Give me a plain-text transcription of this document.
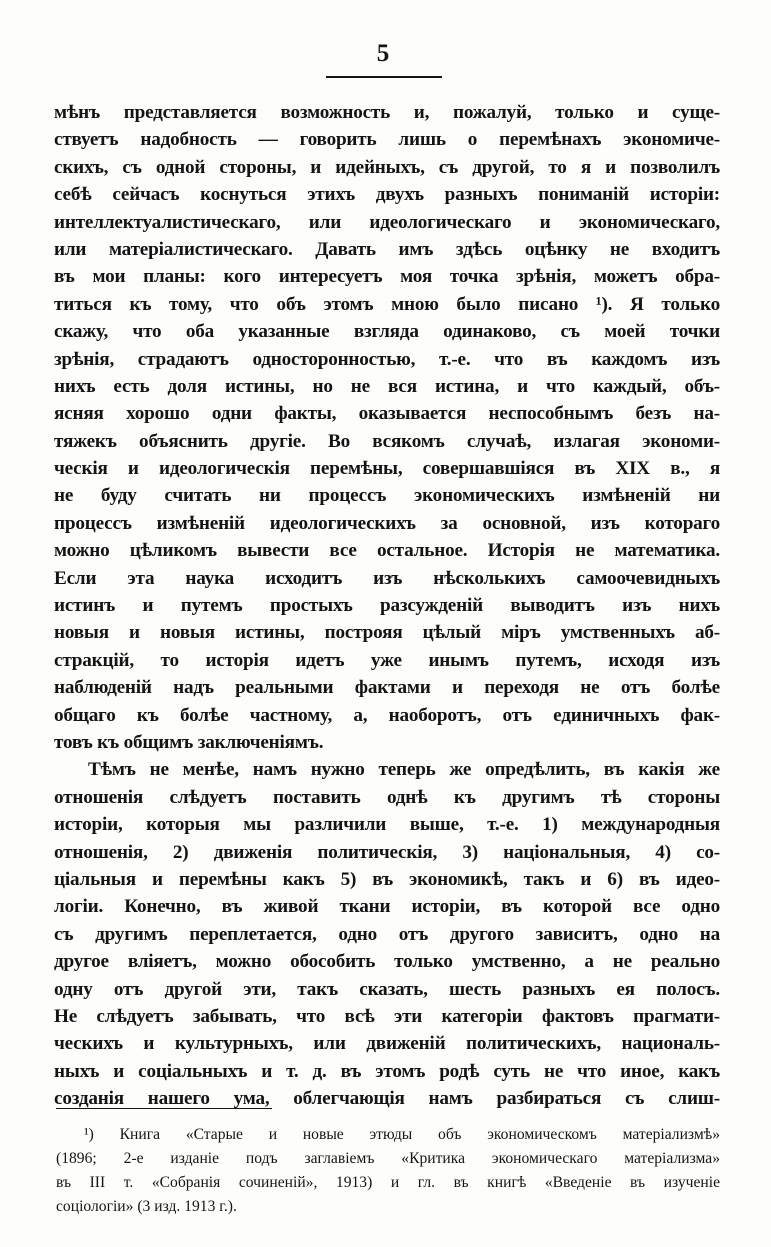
5
мѣнъ представляется возможность и, пожалуй, только и суще-
ствуетъ надобность — говорить лишь о перемѣнахъ экономиче-
скихъ, съ одной стороны, и идейныхъ, съ другой, то я и позволилъ
себѣ сейчасъ коснуться этихъ двухъ разныхъ пониманій исторіи:
интеллектуалистическаго, или идеологическаго и экономическаго,
или матеріалистическаго. Давать имъ здѣсь оцѣнку не входитъ
въ мои планы: кого интересуетъ моя точка зрѣнія, можетъ обра-
титься къ тому, что объ этомъ мною было писано ¹). Я только
скажу, что оба указанные взгляда одинаково, съ моей точки
зрѣнія, страдаютъ односторонностью, т.-е. что въ каждомъ изъ
нихъ есть доля истины, но не вся истина, и что каждый, объ-
ясняя хорошо одни факты, оказывается неспособнымъ безъ на-
тяжекъ объяснить другіе. Во всякомъ случаѣ, излагая экономи-
ческія и идеологическія перемѣны, совершавшіяся въ XIX в., я
не буду считать ни процессъ экономическихъ измѣненій ни
процессъ измѣненій идеологическихъ за основной, изъ котораго
можно цѣликомъ вывести все остальное. Исторія не математика.
Если эта наука исходитъ изъ нѣсколькихъ самоочевидныхъ
истинъ и путемъ простыхъ разсужденій выводитъ изъ нихъ
новыя и новыя истины, построяя цѣлый міръ умственныхъ аб-
стракцій, то исторія идетъ уже инымъ путемъ, исходя изъ
наблюденій надъ реальными фактами и переходя не отъ болѣе
общаго къ болѣе частному, а, наоборотъ, отъ единичныхъ фак-
товъ къ общимъ заключеніямъ.
Тѣмъ не менѣе, намъ нужно теперь же опредѣлить, въ какія же
отношенія слѣдуетъ поставить однѣ къ другимъ тѣ стороны
исторіи, которыя мы различили выше, т.-е. 1) международныя
отношенія, 2) движенія политическія, 3) національныя, 4) со-
ціальныя и перемѣны какъ 5) въ экономикѣ, такъ и 6) въ идео-
логіи. Конечно, въ живой ткани исторіи, въ которой все одно
съ другимъ переплетается, одно отъ другого зависитъ, одно на
другое вліяетъ, можно обособить только умственно, а не реально
одну отъ другой эти, такъ сказать, шесть разныхъ ея полосъ.
Не слѣдуетъ забывать, что всѣ эти категоріи фактовъ прагмати-
ческихъ и культурныхъ, или движеній политическихъ, националь-
ныхъ и соціальныхъ и т. д. въ этомъ родѣ суть не что иное, какъ
созданія нашего ума, облегчающія намъ разбираться съ слиш-
¹) Книга «Старые и новые этюды объ экономическомъ матеріализмѣ»
(1896; 2-е изданіе подъ заглавіемъ «Критика экономическаго матеріализма»
въ III т. «Собранія сочиненій», 1913) и гл. въ книгѣ «Введеніе въ изученіе
соціологіи» (3 изд. 1913 г.).
